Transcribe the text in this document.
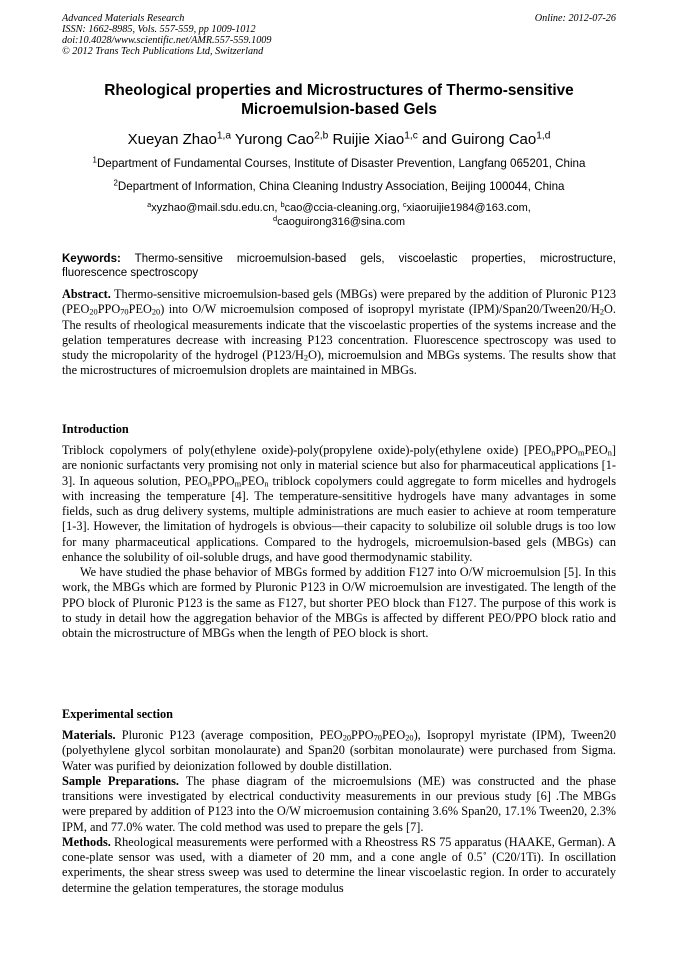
Advanced Materials Research
ISSN: 1662-8985, Vols. 557-559, pp 1009-1012
doi:10.4028/www.scientific.net/AMR.557-559.1009
© 2012 Trans Tech Publications Ltd, Switzerland
Online: 2012-07-26
Rheological properties and Microstructures of Thermo-sensitive
Microemulsion-based Gels
Xueyan Zhao$^{1,a}$ Yurong Cao$^{2,b}$ Ruijie Xiao$^{1,c}$ and Guirong Cao$^{1,d}$
$^1$Department of Fundamental Courses, Institute of Disaster Prevention, Langfang 065201, China
$^2$Department of Information, China Cleaning Industry Association, Beijing 100044, China
$^a$xyzhao@mail.sdu.edu.cn, $^b$cao@ccia-cleaning.org, $^c$xiaoruijie1984@163.com,
$^d$caoguirong316@sina.com
Keywords: Thermo-sensitive microemulsion-based gels, viscoelastic properties, microstructure, fluorescence spectroscopy

Abstract. Thermo-sensitive microemulsion-based gels (MBGs) were prepared by the addition of Pluronic P123 $(PEO_{20}PPO_{70}PEO_{20})$ into O/W microemulsion composed of isopropyl myristate $(IPM)/Span20/Tween20/H_2O$. The results of rheological measurements indicate that the viscoelastic properties of the systems increase and the gelation temperatures decrease with increasing P123 concentration. Fluorescence spectroscopy was used to study the micropolarity of the hydrogel $(P123/H_2O)$, microemulsion and MBGs systems. The results show that the microstructures of microemulsion droplets are maintained in MBGs.

Introduction

Triblock copolymers of poly(ethylene oxide)-poly(propylene oxide)-poly(ethylene oxide) $[PEO_nPPO_mPEO_n]$ are nonionic surfactants very promising not only in material science but also for pharmaceutical applications [1-3]. In aqueous solution, $PEO_nPPO_mPEO_n$ triblock copolymers could aggregate to form micelles and hydrogels with increasing the temperature [4]. The temperature-sensititive hydrogels have many advantages in some fields, such as drug delivery systems, multiple administrations are much easier to achieve at room temperature [1-3]. However, the limitation of hydrogels is obvious—their capacity to solubilize oil soluble drugs is too low for many pharmaceutical applications. Compared to the hydrogels, microemulsion-based gels (MBGs) can enhance the solubility of oil-soluble drugs, and have good thermodynamic stability.

We have studied the phase behavior of MBGs formed by addition F127 into O/W microemulsion [5]. In this work, the MBGs which are formed by Pluronic P123 in O/W microemulsion are investigated. The length of the PPO block of Pluronic P123 is the same as F127, but shorter PEO block than F127. The purpose of this work is to study in detail how the aggregation behavior of the MBGs is affected by different PEO/PPO block ratio and obtain the microstructure of MBGs when the length of PEO block is short.

Experimental section

Materials. Pluronic P123 (average composition, $PEO_{20}PPO_{70}PEO_{20}$), Isopropyl myristate (IPM), Tween20 (polyethylene glycol sorbitan monolaurate) and Span20 (sorbitan monolaurate) were purchased from Sigma. Water was purified by deionization followed by double distillation.

Sample Preparations. The phase diagram of the microemulsions (ME) was constructed and the phase transitions were investigated by electrical conductivity measurements in our previous study [6] .The MBGs were prepared by addition of P123 into the O/W microemusion containing 3.6% Span20, 17.1% Tween20, 2.3% IPM, and 77.0% water. The cold method was used to prepare the gels [7].

Methods. Rheological measurements were performed with a Rheostress RS 75 apparatus (HAAKE, German). A cone-plate sensor was used, with a diameter of 20 mm, and a cone angle of 0.5˚ (C20/1Ti). In oscillation experiments, the shear stress sweep was used to determine the linear viscoelastic region. In order to accurately determine the gelation temperatures, the storage modulus
